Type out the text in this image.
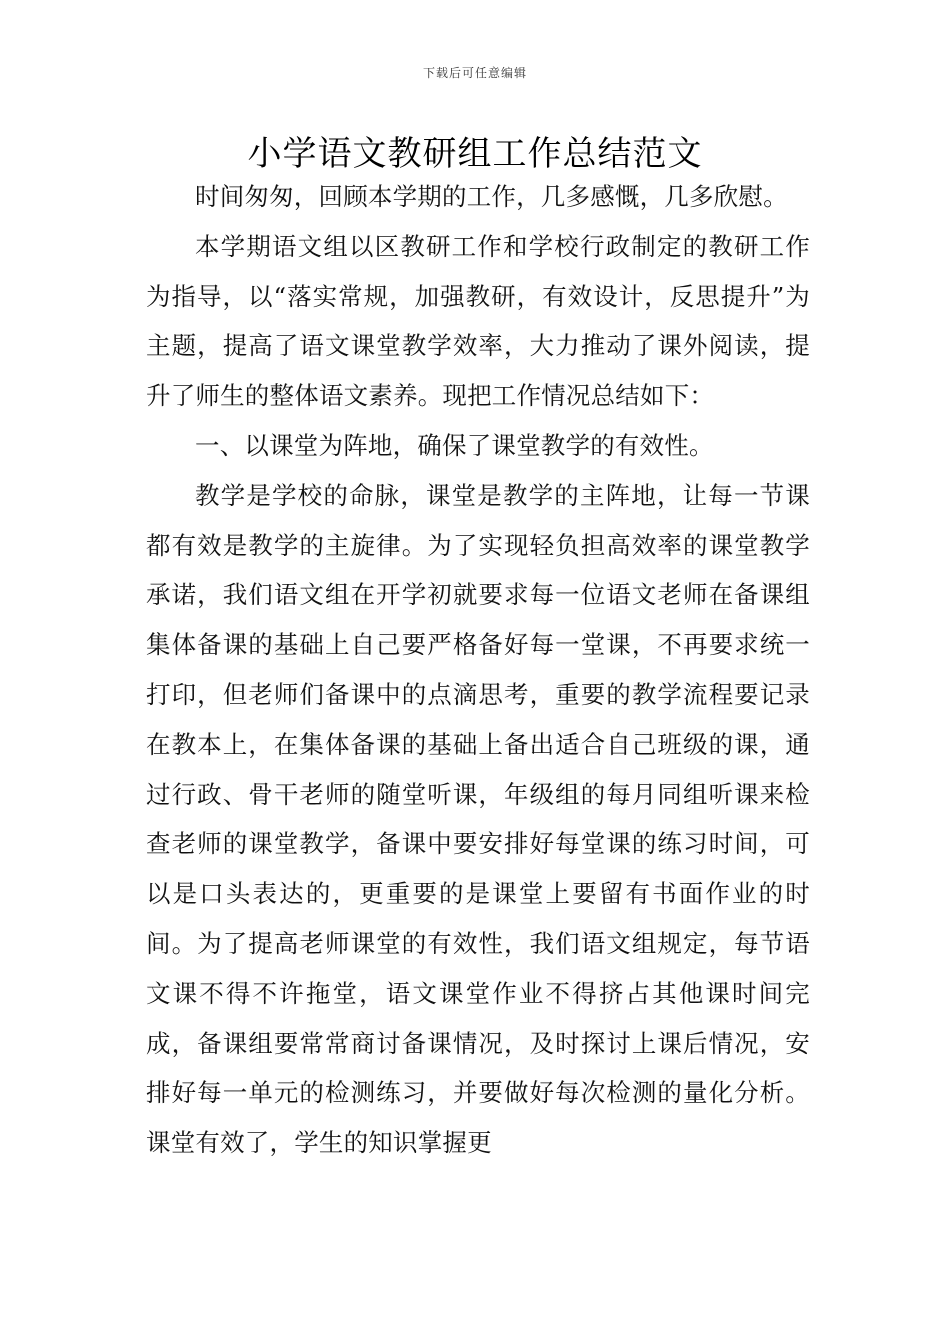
下载后可任意编辑
小学语文教研组工作总结范文

时间匆匆，回顾本学期的工作，几多感慨，几多欣慰。

本学期语文组以区教研工作和学校行政制定的教研工作为指导，以“落实常规，加强教研，有效设计，反思提升”为主题，提高了语文课堂教学效率，大力推动了课外阅读，提升了师生的整体语文素养。现把工作情况总结如下：

一、以课堂为阵地，确保了课堂教学的有效性。

教学是学校的命脉，课堂是教学的主阵地，让每一节课都有效是教学的主旋律。为了实现轻负担高效率的课堂教学承诺，我们语文组在开学初就要求每一位语文老师在备课组集体备课的基础上自己要严格备好每一堂课，不再要求统一打印，但老师们备课中的点滴思考，重要的教学流程要记录在教本上，在集体备课的基础上备出适合自己班级的课，通过行政、骨干老师的随堂听课，年级组的每月同组听课来检查老师的课堂教学，备课中要安排好每堂课的练习时间，可以是口头表达的，更重要的是课堂上要留有书面作业的时间。为了提高老师课堂的有效性，我们语文组规定，每节语文课不得不许拖堂，语文课堂作业不得挤占其他课时间完成，备课组要常常商讨备课情况，及时探讨上课后情况，安排好每一单元的检测练习，并要做好每次检测的量化分析。课堂有效了，学生的知识掌握更
